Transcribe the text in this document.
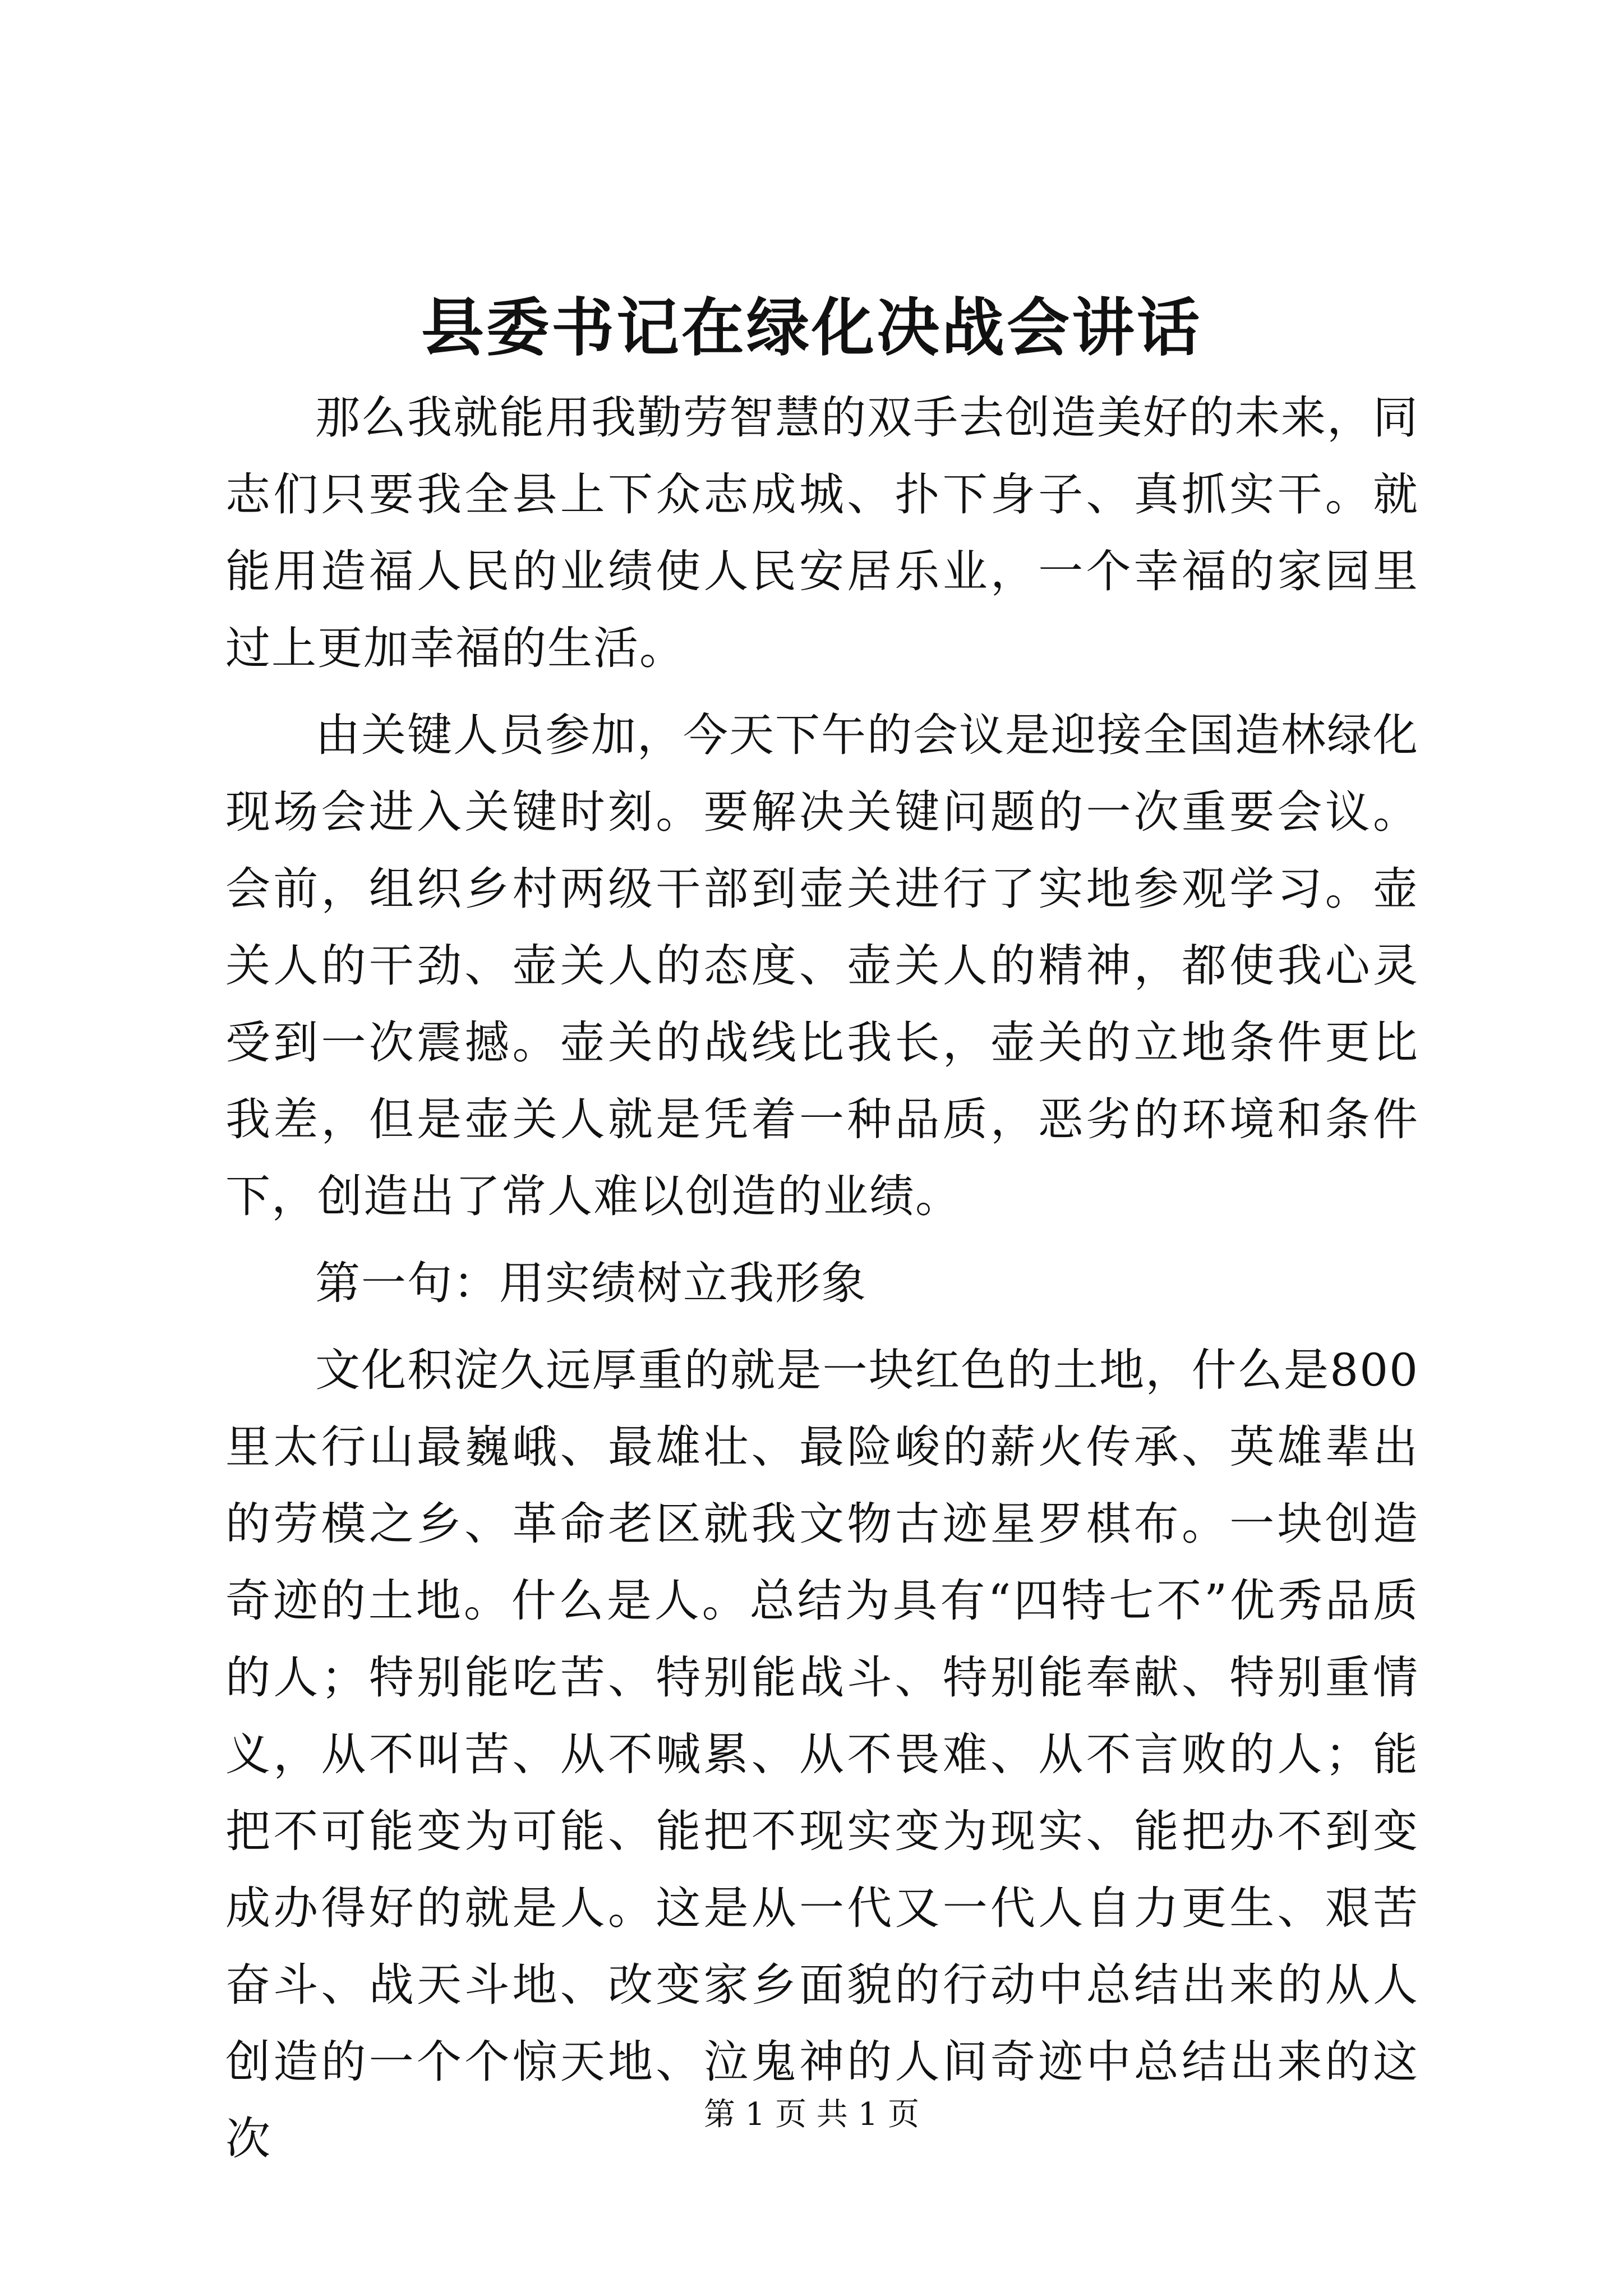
县委书记在绿化决战会讲话

那么我就能用我勤劳智慧的双手去创造美好的未来，同志们只要我全县上下众志成城、扑下身子、真抓实干。就能用造福人民的业绩使人民安居乐业，一个幸福的家园里过上更加幸福的生活。

由关键人员参加，今天下午的会议是迎接全国造林绿化现场会进入关键时刻。要解决关键问题的一次重要会议。会前，组织乡村两级干部到壶关进行了实地参观学习。壶关人的干劲、壶关人的态度、壶关人的精神，都使我心灵受到一次震撼。壶关的战线比我长，壶关的立地条件更比我差，但是壶关人就是凭着一种品质，恶劣的环境和条件下，创造出了常人难以创造的业绩。

第一句：用实绩树立我形象

文化积淀久远厚重的就是一块红色的土地，什么是800里太行山最巍峨、最雄壮、最险峻的薪火传承、英雄辈出的劳模之乡、革命老区就我文物古迹星罗棋布。一块创造奇迹的土地。什么是人。总结为具有“四特七不”优秀品质的人；特别能吃苦、特别能战斗、特别能奉献、特别重情义，从不叫苦、从不喊累、从不畏难、从不言败的人；能把不可能变为可能、能把不现实变为现实、能把办不到变成办得好的就是人。这是从一代又一代人自力更生、艰苦奋斗、战天斗地、改变家乡面貌的行动中总结出来的从人创造的一个个惊天地、泣鬼神的人间奇迹中总结出来的这次	第 1 页 共 1 页
